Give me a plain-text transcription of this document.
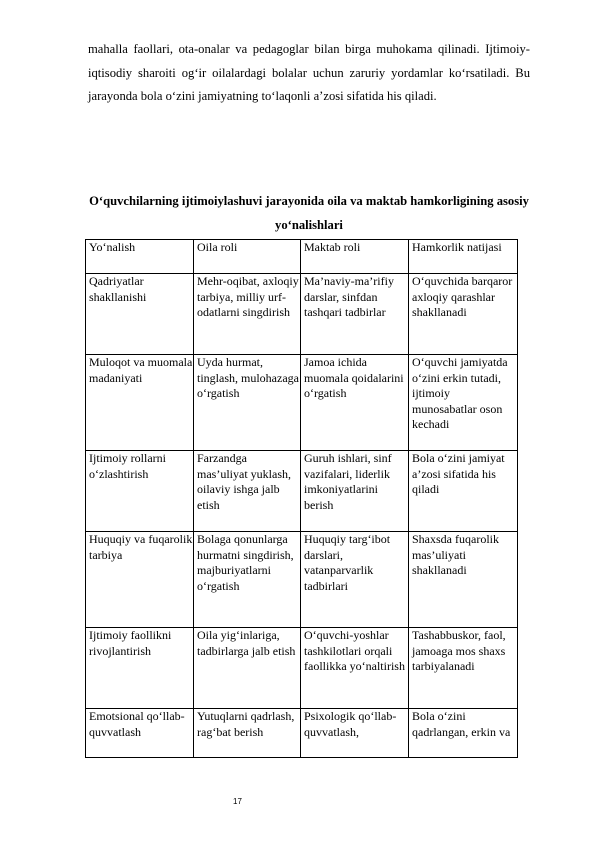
mahalla faollari, ota-onalar va pedagoglar bilan birga muhokama qilinadi. Ijtimoiy-iqtisodiy sharoiti og‘ir oilalardagi bolalar uchun zaruriy yordamlar ko‘rsatiladi. Bu jarayonda bola o‘zini jamiyatning to‘laqonli a’zosi sifatida his qiladi.

O‘quvchilarning ijtimoiylashuvi jarayonida oila va maktab hamkorligining asosiy yo‘nalishlari

Yo‘nalish	Oila roli	Maktab roli	Hamkorlik natijasi
Qadriyatlar shakllanishi	Mehr-oqibat, axloqiy tarbiya, milliy urf-odatlarni singdirish	Ma’naviy-ma’rifiy darslar, sinfdan tashqari tadbirlar	O‘quvchida barqaror axloqiy qarashlar shakllanadi
Muloqot va muomala madaniyati	Uyda hurmat, tinglash, mulohazaga o‘rgatish	Jamoa ichida muomala qoidalarini o‘rgatish	O‘quvchi jamiyatda o‘zini erkin tutadi, ijtimoiy munosabatlar oson kechadi
Ijtimoiy rollarni o‘zlashtirish	Farzandga mas’uliyat yuklash, oilaviy ishga jalb etish	Guruh ishlari, sinf vazifalari, liderlik imkoniyatlarini berish	Bola o‘zini jamiyat a’zosi sifatida his qiladi
Huquqiy va fuqarolik tarbiya	Bolaga qonunlarga hurmatni singdirish, majburiyatlarni o‘rgatish	Huquqiy targ‘ibot darslari, vatanparvarlik tadbirlari	Shaxsda fuqarolik mas’uliyati shakllanadi
Ijtimoiy faollikni rivojlantirish	Oila yig‘inlariga, tadbirlarga jalb etish	O‘quvchi-yoshlar tashkilotlari orqali faollikka yo‘naltirish	Tashabbuskor, faol, jamoaga mos shaxs tarbiyalanadi
Emotsional qo‘llab-quvvatlash	Yutuqlarni qadrlash, rag‘bat berish	Psixologik qo‘llab-quvvatlash,	Bola o‘zini qadrlangan, erkin va
17
